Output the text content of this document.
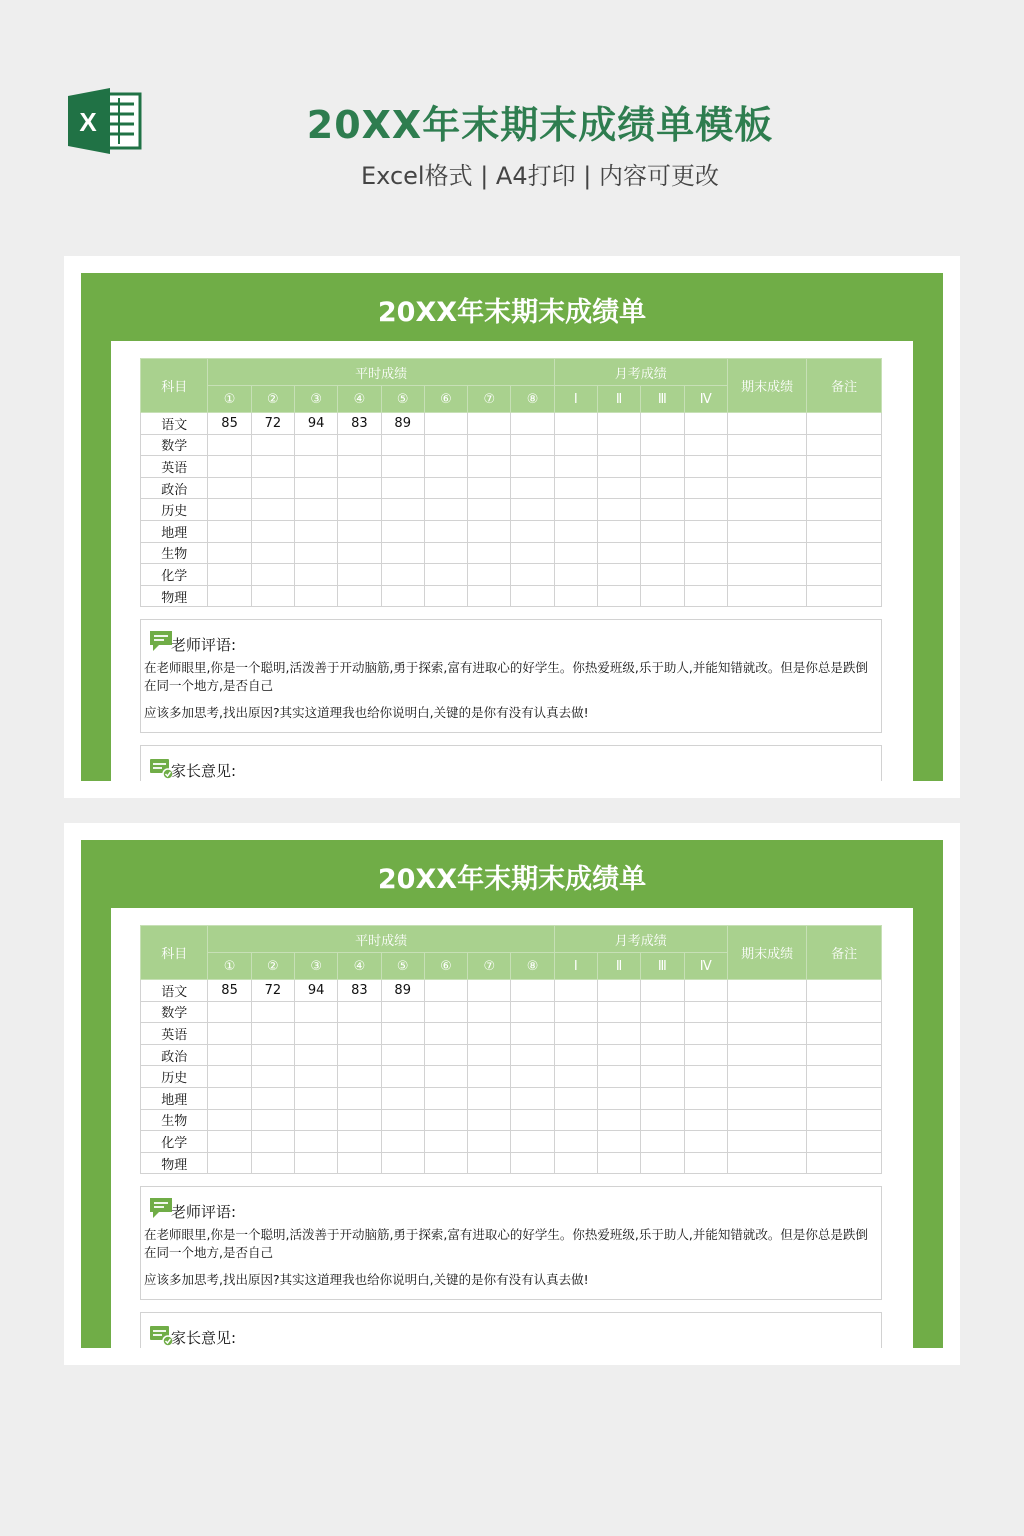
X	20XX年末期末成绩单模板
Excel格式 | A4打印 | 内容可更改
20XX年末期末成绩单
科目	平时成绩								月考成绩				期末成绩	备注
	①	②	③	④	⑤	⑥	⑦	⑧	Ⅰ	Ⅱ	Ⅲ	Ⅳ		
语文	85	72	94	83	89									
数学														
英语														
政治														
历史														
地理														
生物														
化学														
物理														
老师评语:
在老师眼里,你是一个聪明,活泼善于开动脑筋,勇于探索,富有进取心的好学生。你热爱班级,乐于助人,并能知错就改。但是你总是跌倒在同一个地方,是否自己
应该多加思考,找出原因?其实这道理我也给你说明白,关键的是你有没有认真去做!
家长意见:
20XX年末期末成绩单
科目	平时成绩								月考成绩				期末成绩	备注
	①	②	③	④	⑤	⑥	⑦	⑧	Ⅰ	Ⅱ	Ⅲ	Ⅳ		
语文	85	72	94	83	89									
数学														
英语														
政治														
历史														
地理														
生物														
化学														
物理														
老师评语:
在老师眼里,你是一个聪明,活泼善于开动脑筋,勇于探索,富有进取心的好学生。你热爱班级,乐于助人,并能知错就改。但是你总是跌倒在同一个地方,是否自己
应该多加思考,找出原因?其实这道理我也给你说明白,关键的是你有没有认真去做!
家长意见:
